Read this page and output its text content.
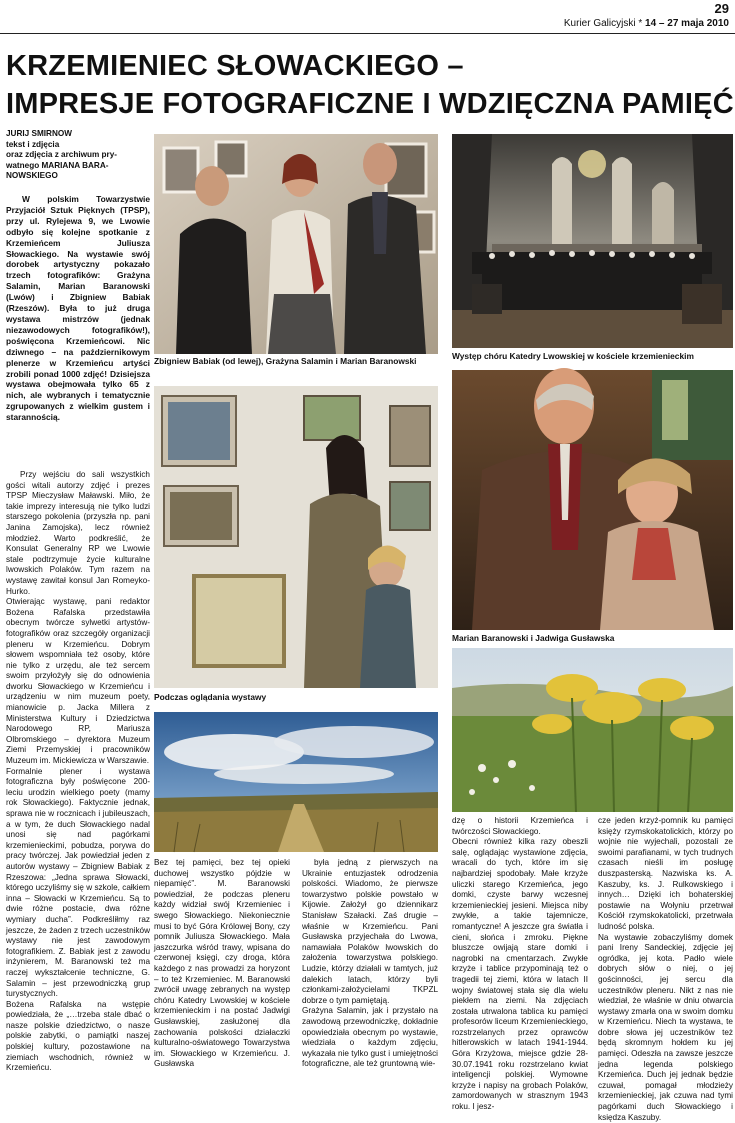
29
Kurier Galicyjski * 14 – 27 maja 2010
KRZEMIENIEC SŁOWACKIEGO –
IMPRESJE FOTOGRAFICZNE I WDZIĘCZNA PAMIĘĆ
JURIJ SMIRNOW
tekst i zdjęcia
oraz zdjęcia z archiwum pry-
watnego MARIANA BARA-
NOWSKIEGO
W polskim Towarzystwie Przyjaciół Sztuk Pięknych (TPSP), przy ul. Rylejewa 9, we Lwowie odbyło się kolejne spotkanie z Krzemieńcem Juliusza Słowackiego. Na wystawie swój dorobek artystyczny pokazało trzech fotografików: Grażyna Salamin, Marian Baranowski (Lwów) i Zbigniew Babiak (Rzeszów). Była to już druga wystawa mistrzów (jednak niezawodowych fotografików!), poświęcona Krzemieńcowi. Nic dziwnego – na październikowym plenerze w Krzemieńcu artyści zrobili ponad 1000 zdjęć! Dzisiejsza wystawa obejmowała tylko 65 z nich, ale wybranych i tematycznie zgrupowanych z wielkim gustem i starannością.
Przy wejściu do sali wszystkich gości witali autorzy zdjęć i prezes TPSP Mieczysław Maławski. Miło, że takie imprezy interesują nie tylko ludzi starszego pokolenia (przyszła np. pani Janina Zamojska), lecz również młodzież. Warto podkreślić, że Konsulat Generalny RP we Lwowie stale podtrzymuje życie kulturalne lwowskich Polaków. Tym razem na wystawę zawitał konsul Jan Romeyko-Hurko.
Otwierając wystawę, pani redaktor Bożena Rafalska przedstawiła obecnym twórcze sylwetki artystów-fotografików oraz szczegóły organizacji pleneru w Krzemieńcu. Dobrym słowem wspomniała też osoby, które nie tylko z urzędu, ale też sercem swoim przyłożyły się do odnowienia dworku Słowackiego w Krzemieńcu i urządzeniu w nim muzeum poety, mianowicie p. Jacka Millera z Ministerstwa Kultury i Dziedzictwa Narodowego RP, Mariusza Olbromskiego – dyrektora Muzeum Ziemi Przemyskiej i pracowników Muzeum im. Mickiewicza w Warszawie.
Formalnie plener i wystawa fotograficzna były poświęcone 200-leciu urodzin wielkiego poety (mamy rok Słowackiego). Faktycznie jednak, sprawa nie w rocznicach i jubileuszach, a w tym, że duch Słowackiego nadal unosi się nad pagórkami krzemienieckimi, pobudza, porywa do pracy twórczej. Jak powiedział jeden z autorów wystawy – Zbigniew Babiak z Rzeszowa: „Jedna sprawa Słowacki, którego uczyliśmy się w szkole, całkiem inna – Słowacki w Krzemieńcu. Są to dwie różne postacie, dwa różne wymiary ducha”. Podkreśliłmy raz jeszcze, że żaden z trzech uczestników wystawy nie jest zawodowym fotografikiem. Z. Babiak jest z zawodu inżynierem, M. Baranowski też ma raczej wykształcenie techniczne, G. Salamin – jest przewodniczką grup turystycznych.
Bożena Rafalska na wstępie powiedziała, że „…trzeba stale dbać o nasze polskie dziedzictwo, o nasze polskie zabytki, o pamiątki naszej polskiej kultury, pozostawione na ziemiach wschodnich, również w Krzemieńcu.
Zbigniew Babiak (od lewej), Grażyna Salamin i Marian Baranowski	Występ chóru Katedry Lwowskiej w kościele krzemienieckim
Podczas oglądania wystawy
Marian Baranowski i Jadwiga Gusławska
Bez tej pamięci, bez tej opieki duchowej wszystko pójdzie w niepamięć”. M. Baranowski powiedział, że podczas pleneru każdy widział swój Krzemieniec i swego Słowackiego. Niekoniecznie musi to być Góra Królowej Bony, czy pomnik Juliusza Słowackiego. Mała jaszczurka wśród trawy, wpisana do czerwonej księgi, czy droga, która każdego z nas prowadzi za horyzont – to też Krzemieniec. M. Baranowski zwrócił uwagę zebranych na występ chóru Katedry Lwowskiej w kościele krzemienieckim i na postać Jadwigi Gusławskiej, zasłużonej dla zachowania polskości działaczki kulturalno-oświatowego Towarzystwa im. Słowackiego w Krzemieńcu. J. Gusławska
była jedną z pierwszych na Ukrainie entuzjastek odrodzenia polskości. Wiadomo, że pierwsze towarzystwo polskie powstało w Kijowie. Założył go dziennikarz Stanisław Szałacki. Zaś drugie – właśnie w Krzemieńcu. Pani Gusławska przyjechała do Lwowa, namawiała Polaków lwowskich do założenia towarzystwa polskiego. Ludzie, którzy działali w tamtych, już dalekich latach, którzy byli członkami-założycielami TKPZL dobrze o tym pamiętają.
Grażyna Salamin, jak i przystało na zawodową przewodniczkę, dokładnie opowiedziała obecnym po wystawie, wiedziała o każdym zdjęciu, wykazała nie tylko gust i umiejętności fotograficzne, ale też gruntowną wie-
dzę o historii Krzemieńca i twórczości Słowackiego.
Obecni również kilka razy obeszli salę, oglądając wystawione zdjęcia, wracali do tych, które im się najbardziej spodobały. Małe krzyże uliczki starego Krzemieńca, jego domki, czyste barwy wczesnej krzemienieckiej jesieni. Miejsca niby zwykłe, a takie tajemnicze, romantyczne! A jeszcze gra światła i cieni, słońca i zmroku. Piękne bluszcze owijają stare domki i nagrobki na cmentarzach. Zwykłe krzyże i tablice przypominają też o tragedii tej ziemi, która w latach II wojny światowej stała się dla wielu piekłem na ziemi. Na zdjęciach została utrwalona tablica ku pamięci profesorów liceum Krzemienieckiego, rozstrzelanych przez oprawców hitlerowskich w latach 1941-1944. Góra Krzyżowa, miejsce gdzie 28-30.07.1941 roku rozstrzelano kwiat inteligencji polskiej. Wymowne krzyże i napisy na grobach Polaków, zamordowanych w strasznym 1943 roku. I jesz-
cze jeden krzyż-pomnik ku pamięci księży rzymskokatolickich, którzy po wojnie nie wyjechali, pozostali ze swoimi parafianami, w tych trudnych czasach nieśli im posługę duszpasterską. Nazwiska ks. A. Kaszuby, ks. J. Rulkowskiego i innych… Dzięki ich bohaterskiej postawie na Wołyniu przetrwał Kościół rzymskokatolicki, przetrwała ludność polska.
Na wystawie zobaczyliśmy domek pani Ireny Sandeckiej, zdjęcie jej ogródka, jej kota. Padło wiele dobrych słów o niej, o jej gościnności, jej sercu dla uczestników pleneru. Nikt z nas nie wiedział, że właśnie w dniu otwarcia wystawy zmarła ona w swoim domku w Krzemieńcu. Niech ta wystawa, te dobre słowa jej uczestników też będą skromnym hołdem ku jej pamięci. Odeszła na zawsze jeszcze jedna legenda polskiego Krzemieńca. Duch jej jednak będzie czuwał, pomagał młodzieży krzemienieckiej, jak czuwa nad tymi pagórkami duch Słowackiego i księdza Kaszuby.
